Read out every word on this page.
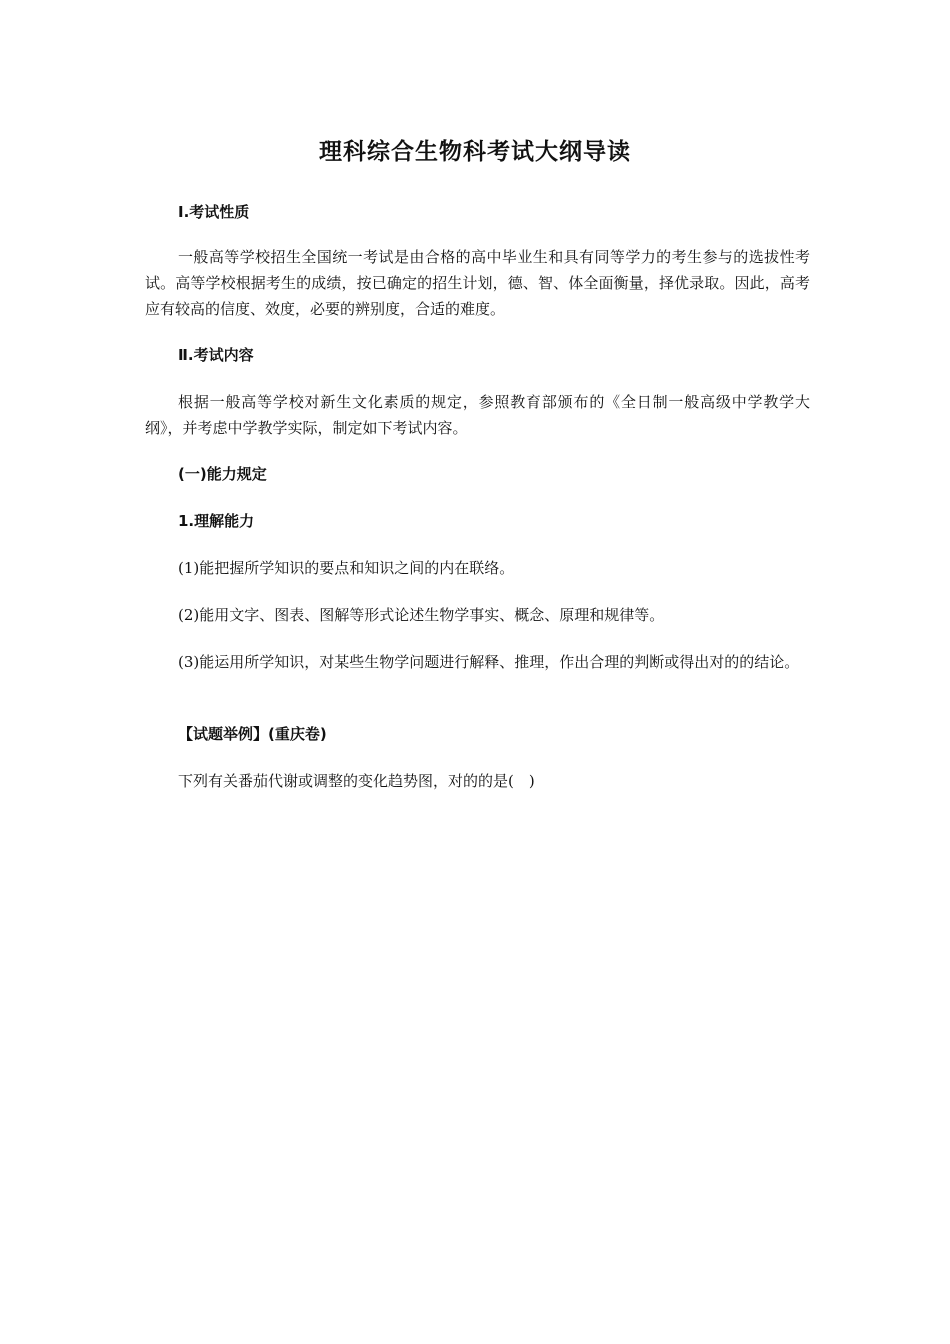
理科综合生物科考试大纲导读
Ⅰ.考试性质
一般高等学校招生全国统一考试是由合格的高中毕业生和具有同等学力的考生参与的选拔性考试。高等学校根据考生的成绩，按已确定的招生计划，德、智、体全面衡量，择优录取。因此，高考应有较高的信度、效度，必要的辨别度，合适的难度。
Ⅱ.考试内容
根据一般高等学校对新生文化素质的规定，参照教育部颁布的《全日制一般高级中学教学大纲》，并考虑中学教学实际，制定如下考试内容。
(一)能力规定
1.理解能力
(1)能把握所学知识的要点和知识之间的内在联络。
(2)能用文字、图表、图解等形式论述生物学事实、概念、原理和规律等。
(3)能运用所学知识，对某些生物学问题进行解释、推理，作出合理的判断或得出对的的结论。
【试题举例】(重庆卷)
下列有关番茄代谢或调整的变化趋势图，对的的是(　)
